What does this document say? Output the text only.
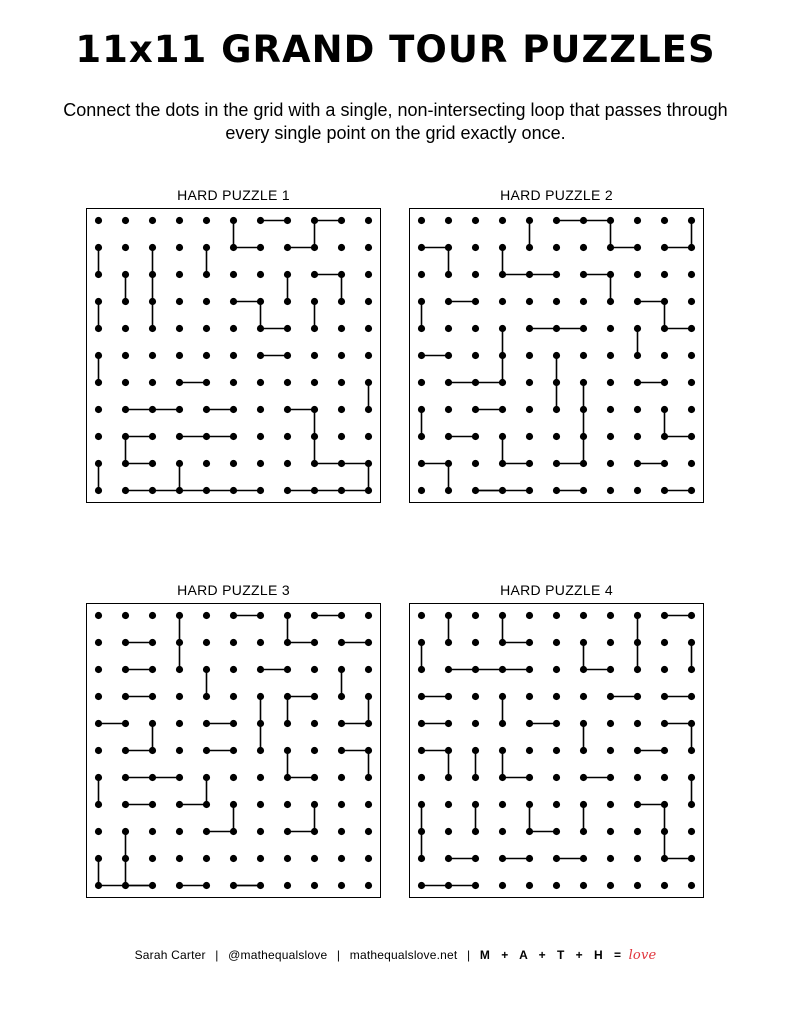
11x11 GRAND TOUR PUZZLES

Connect the dots in the grid with a single, non-intersecting loop that passes through every single point on the grid exactly once.

HARD PUZZLE 1	HARD PUZZLE 2
HARD PUZZLE 3	HARD PUZZLE 4
Sarah Carter | @mathequalslove | mathequalslove.net | M + A + T + H = love
